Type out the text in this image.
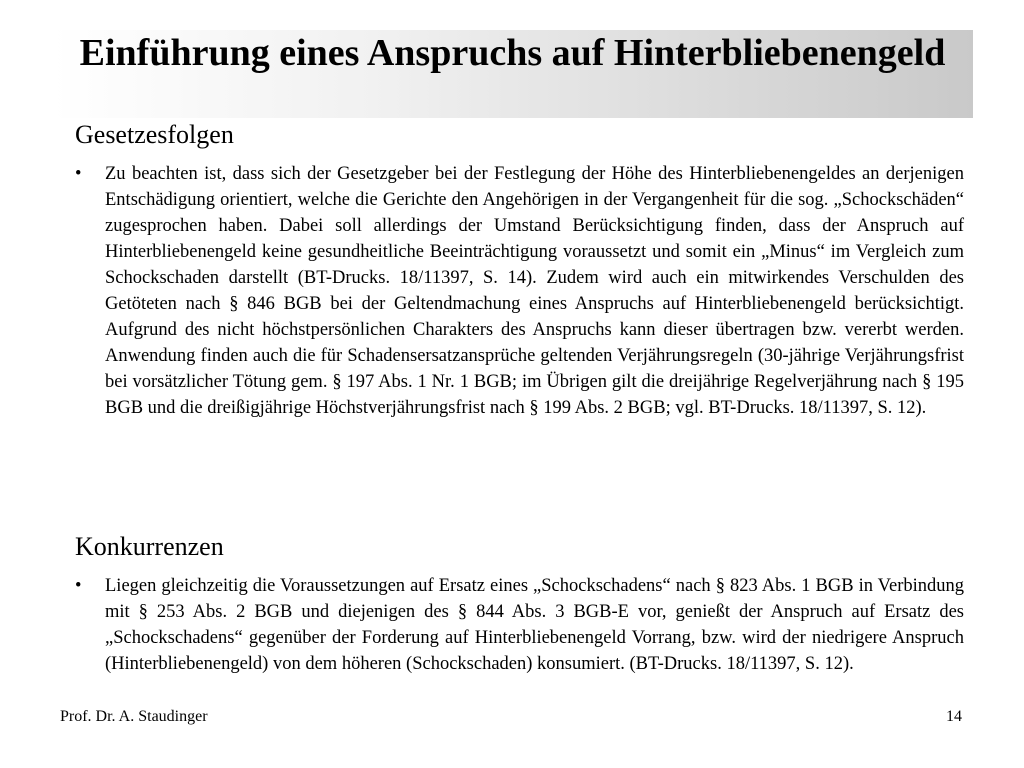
Einführung eines Anspruchs auf Hinterbliebenengeld
Gesetzesfolgen
•	Zu beachten ist, dass sich der Gesetzgeber bei der Festlegung der Höhe des Hinterbliebenengeldes an derjenigen Entschädigung orientiert, welche die Gerichte den Angehörigen in der Vergangenheit für die sog. „Schockschäden“ zugesprochen haben. Dabei soll allerdings der Umstand Berücksichtigung finden, dass der Anspruch auf Hinterbliebenengeld keine gesundheitliche Beeinträchtigung voraussetzt und somit ein „Minus“ im Vergleich zum Schockschaden darstellt (BT-Drucks. 18/11397, S. 14). Zudem wird auch ein mitwirkendes Verschulden des Getöteten nach § 846 BGB bei der Geltendmachung eines Anspruchs auf Hinterbliebenengeld berücksichtigt. Aufgrund des nicht höchstpersönlichen Charakters des Anspruchs kann dieser übertragen bzw. vererbt werden. Anwendung finden auch die für Schadensersatzansprüche geltenden Verjährungsregeln (30-jährige Verjährungsfrist bei vorsätzlicher Tötung gem. § 197 Abs. 1 Nr. 1 BGB; im Übrigen gilt die dreijährige Regelverjährung nach § 195 BGB und die dreißigjährige Höchstverjährungsfrist nach § 199 Abs. 2 BGB; vgl. BT-Drucks. 18/11397, S. 12).

Konkurrenzen
•	Liegen gleichzeitig die Voraussetzungen auf Ersatz eines „Schockschadens“ nach § 823 Abs. 1 BGB in Verbindung mit § 253 Abs. 2 BGB und diejenigen des § 844 Abs. 3 BGB-E vor, genießt der Anspruch auf Ersatz des „Schockschadens“ gegenüber der Forderung auf Hinterbliebenengeld Vorrang, bzw. wird der niedrigere Anspruch (Hinterbliebenengeld) von dem höheren (Schockschaden) konsumiert. (BT-Drucks. 18/11397, S. 12).

Prof. Dr. A. Staudinger	14
